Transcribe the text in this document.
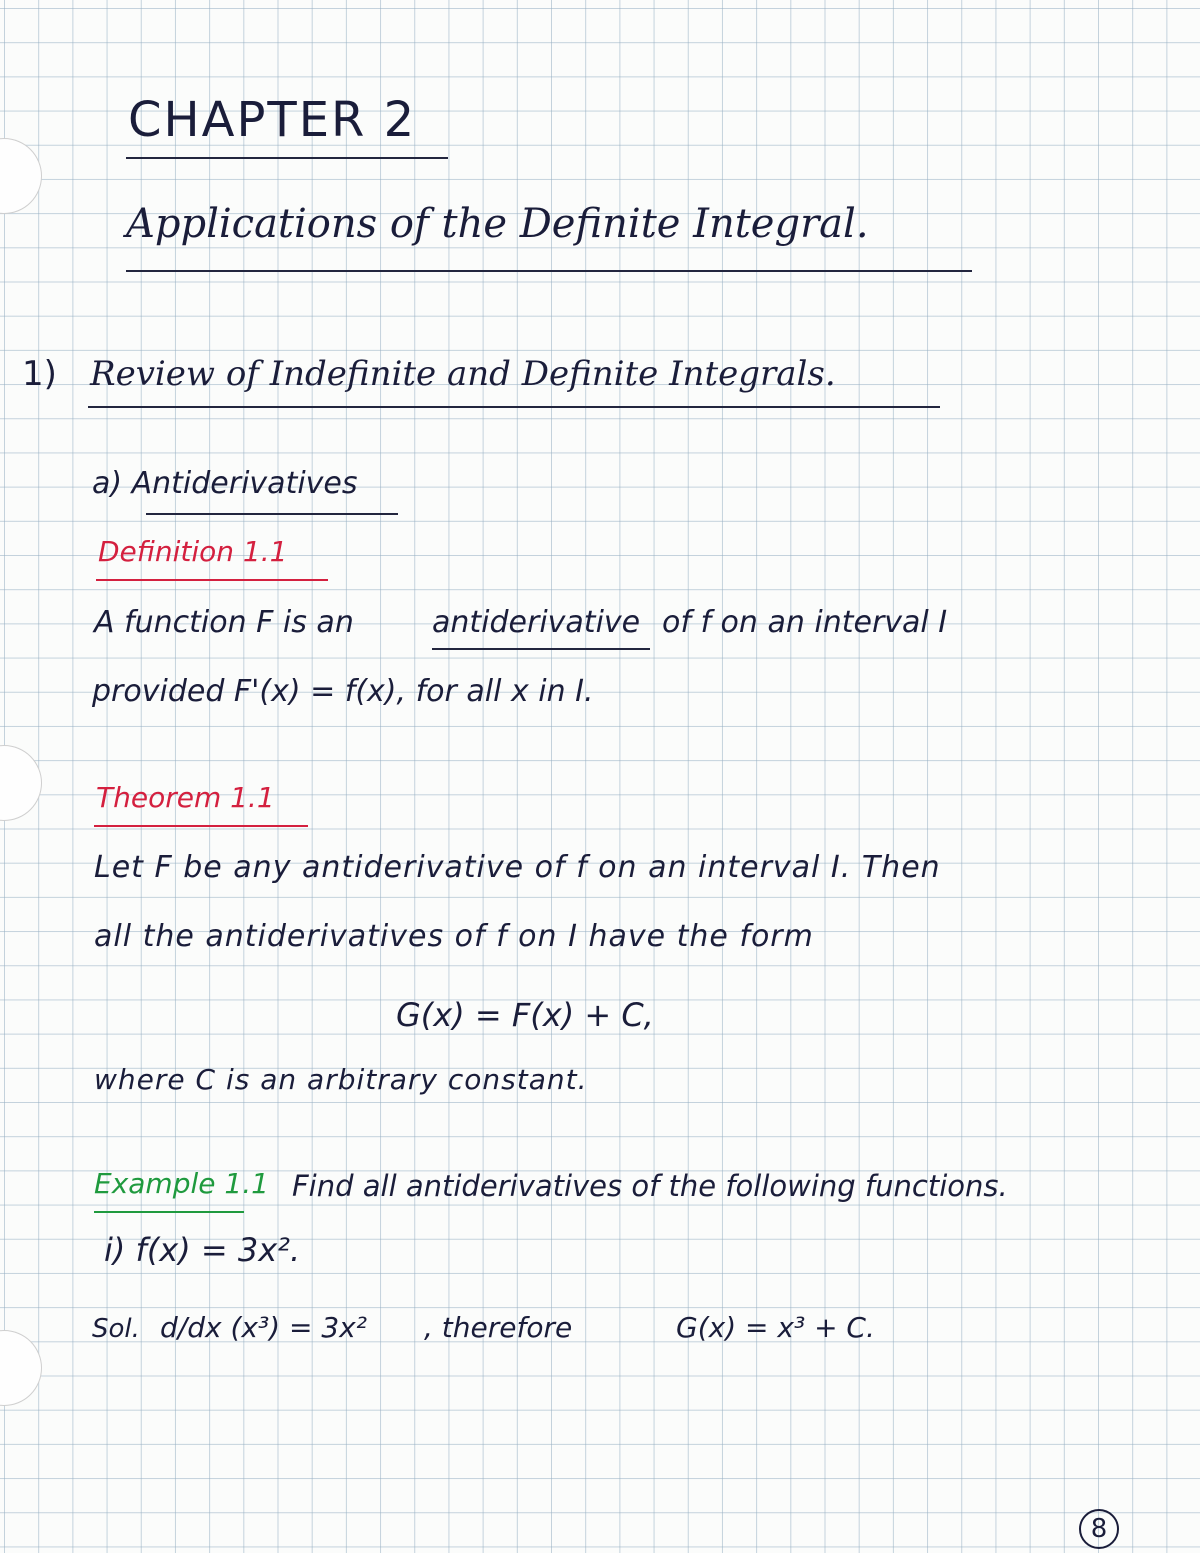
CHAPTER 2
Applications of the Definite Integral.
1) Review of Indefinite and Definite Integrals.
a) Antiderivatives
Definition 1.1
A function F is an	antiderivative of f on an interval I
provided F'(x) = f(x), for all x in I.
Theorem 1.1
Let F be any antiderivative of f on an interval I. Then
all the antiderivatives of f on I have the form
G(x) = F(x) + C,
where C is an arbitrary constant.
Example 1.1 Find all antiderivatives of the following functions.
i) f(x) = 3x².
Sol. d/dx (x³) = 3x² , therefore	G(x) = x³ + C.
8
